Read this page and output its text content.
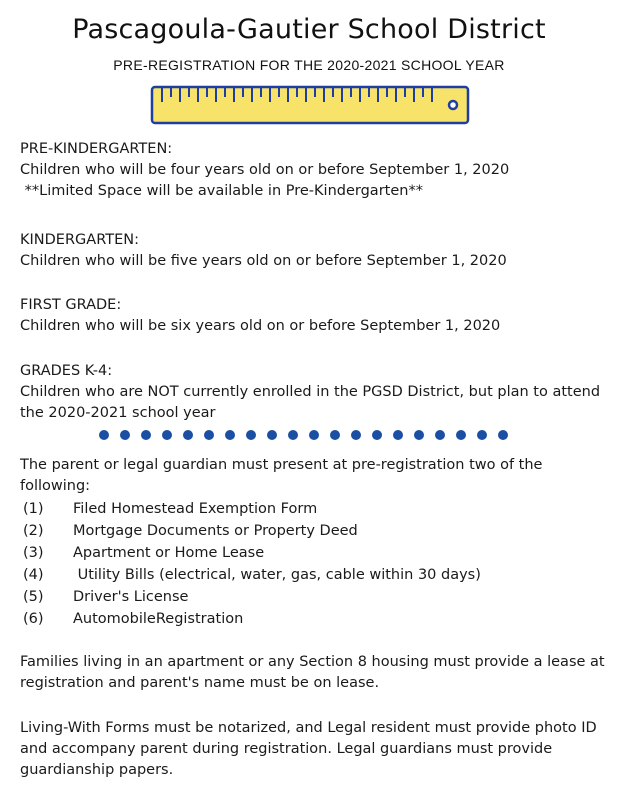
Pascagoula-Gautier School District
PRE-REGISTRATION FOR THE 2020-2021 SCHOOL YEAR

PRE-KINDERGARTEN:

Children who will be four years old on or before September 1, 2020

**Limited Space will be available in Pre-Kindergarten**

KINDERGARTEN:

Children who will be five years old on or before September 1, 2020

FIRST GRADE:

Children who will be six years old on or before September 1, 2020

GRADES K-4:

Children who are NOT currently enrolled in the PGSD District, but plan to attend

the 2020-2021 school year

The parent or legal guardian must present at pre-registration two of the

following:

(1)	Filed Homestead Exemption Form
(2)	Mortgage Documents or Property Deed
(3)	Apartment or Home Lease
(4)	Utility Bills (electrical, water, gas, cable within 30 days)
(5)	Driver's License
(6)	AutomobileRegistration

Families living in an apartment or any Section 8 housing must provide a lease at

registration and parent's name must be on lease.

Living-With Forms must be notarized, and Legal resident must provide photo ID

and accompany parent during registration. Legal guardians must provide

guardianship papers.
